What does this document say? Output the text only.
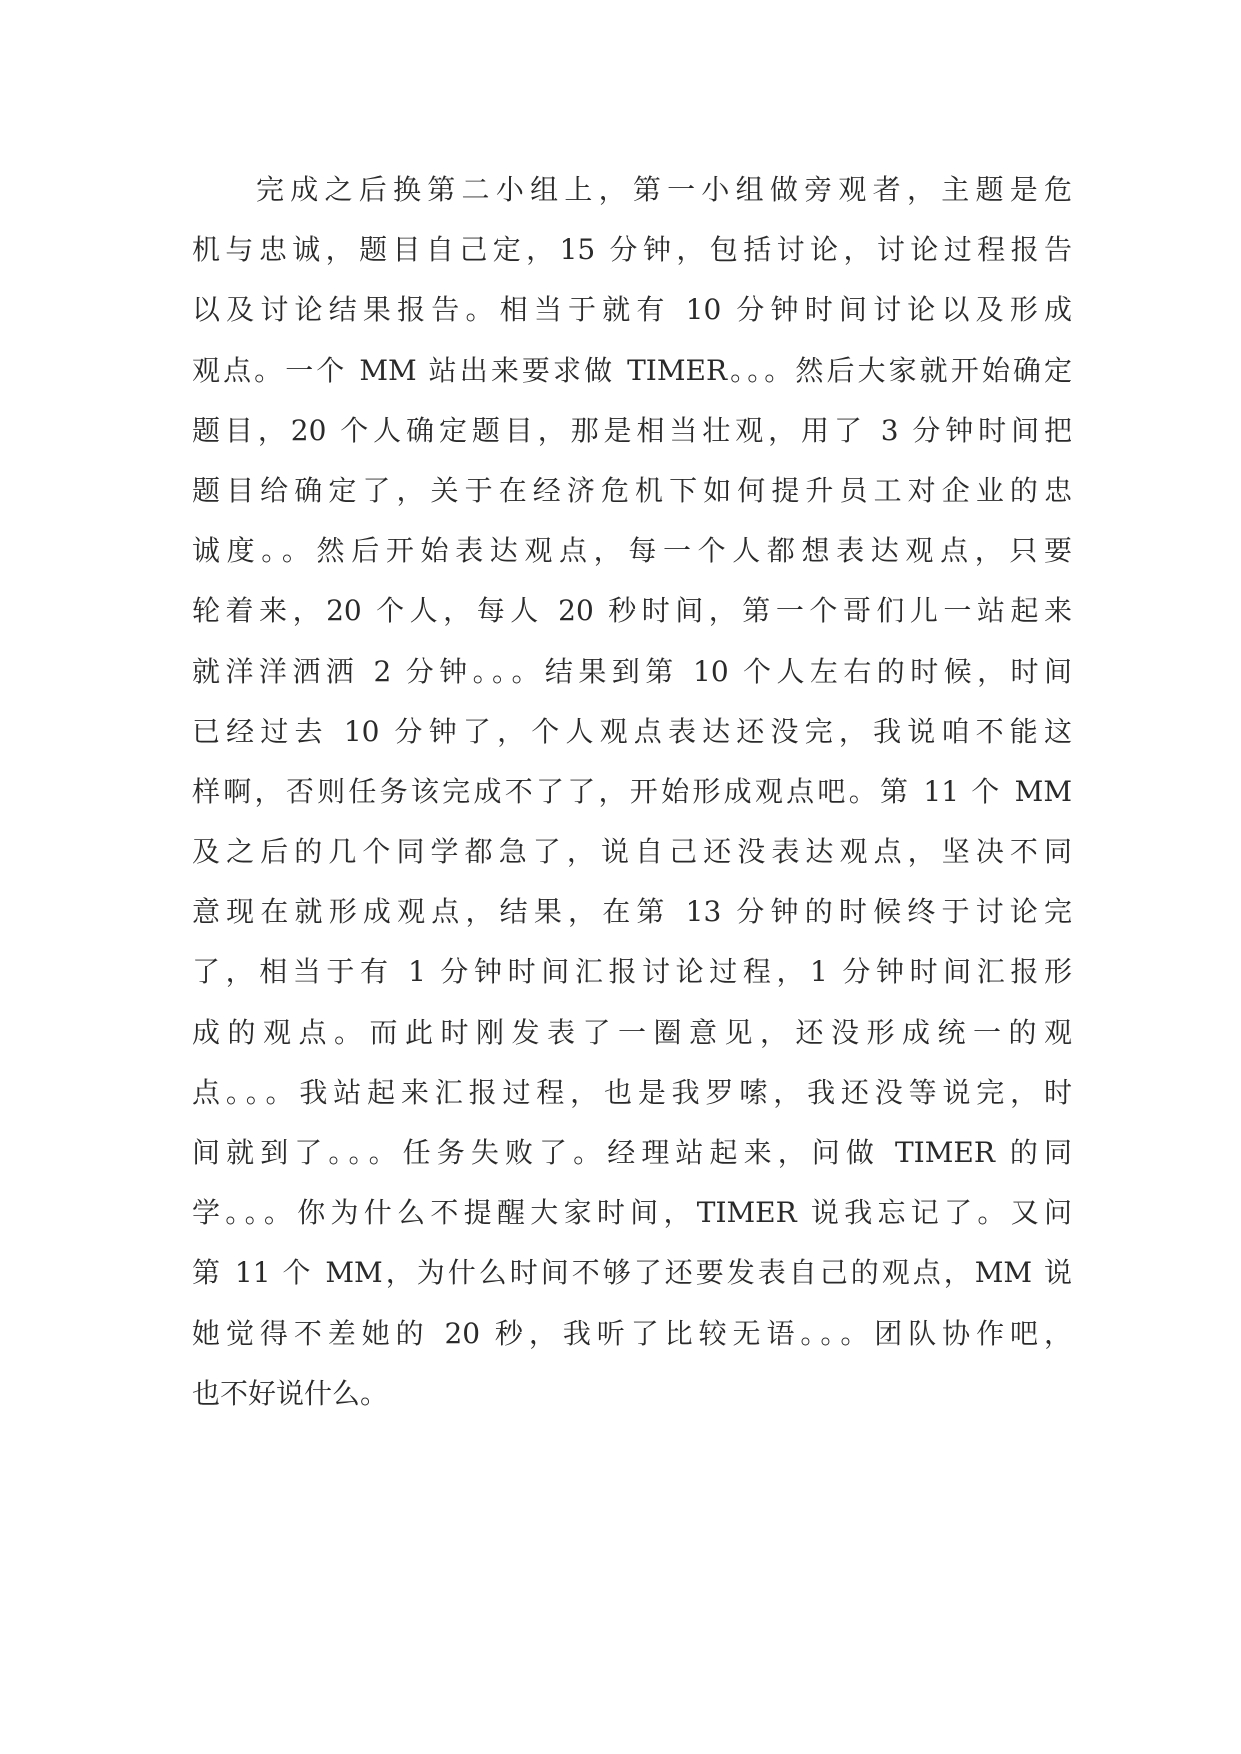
完成之后换第二小组上，第一小组做旁观者，主题是危
机与忠诚，题目自己定，15 分钟，包括讨论，讨论过程报告
以及讨论结果报告。相当于就有 10 分钟时间讨论以及形成
观点。一个 MM 站出来要求做 TIMER。。。然后大家就开始确定
题目，20 个人确定题目，那是相当壮观，用了 3 分钟时间把
题目给确定了，关于在经济危机下如何提升员工对企业的忠
诚度。。然后开始表达观点，每一个人都想表达观点，只要
轮着来，20 个人，每人 20 秒时间，第一个哥们儿一站起来
就洋洋洒洒 2 分钟。。。结果到第 10 个人左右的时候，时间
已经过去 10 分钟了，个人观点表达还没完，我说咱不能这
样啊，否则任务该完成不了了，开始形成观点吧。第 11 个 MM
及之后的几个同学都急了，说自己还没表达观点，坚决不同
意现在就形成观点，结果，在第 13 分钟的时候终于讨论完
了，相当于有 1 分钟时间汇报讨论过程，1 分钟时间汇报形
成的观点。而此时刚发表了一圈意见，还没形成统一的观
点。。。我站起来汇报过程，也是我罗嗦，我还没等说完，时
间就到了。。。任务失败了。经理站起来，问做 TIMER 的同
学。。。你为什么不提醒大家时间，TIMER 说我忘记了。又问
第 11 个 MM，为什么时间不够了还要发表自己的观点，MM 说
她觉得不差她的 20 秒，我听了比较无语。。。团队协作吧，
也不好说什么。
